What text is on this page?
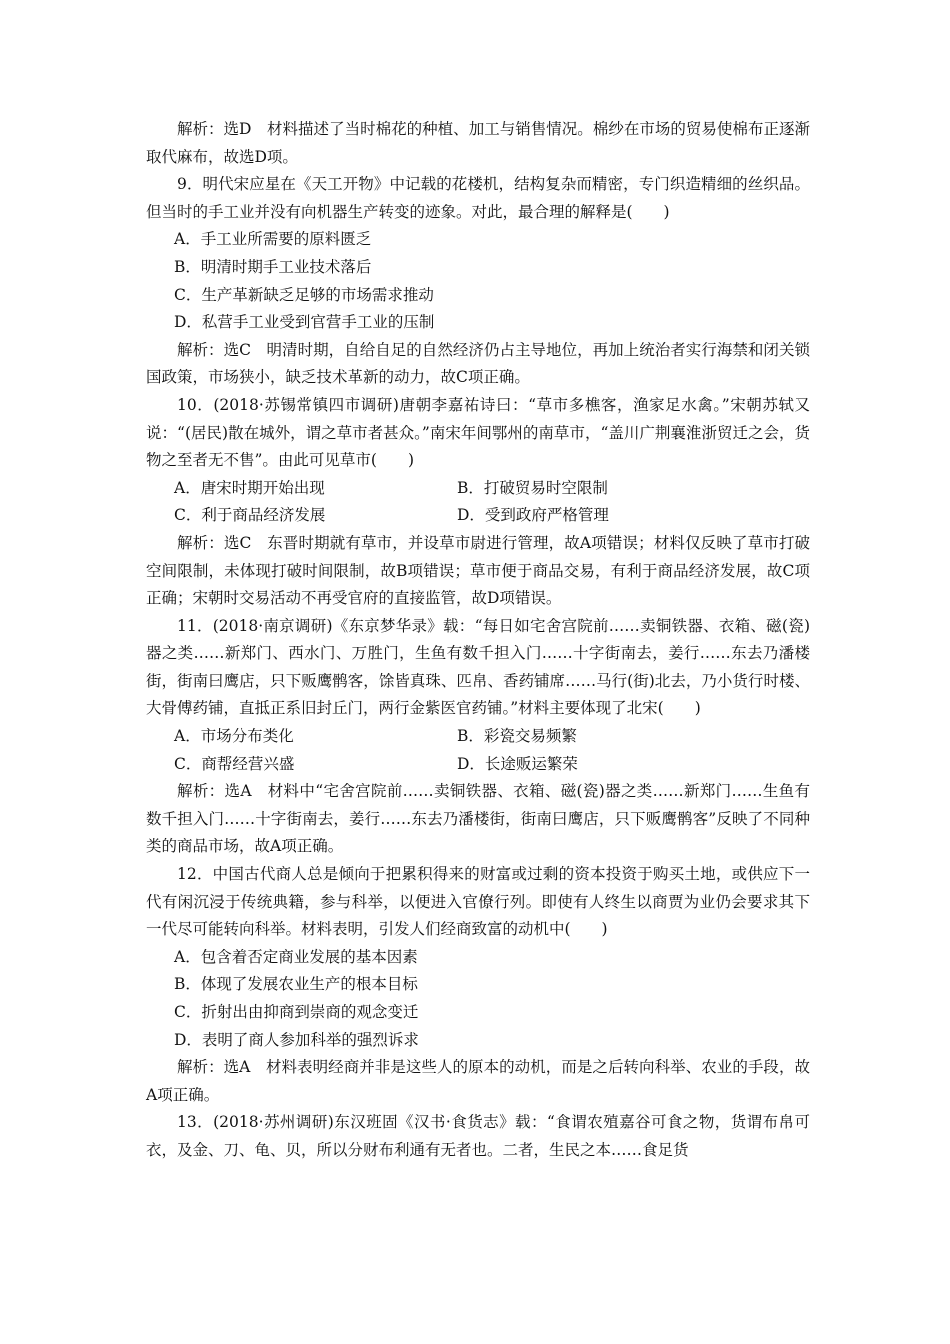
解析：选D　材料描述了当时棉花的种植、加工与销售情况。棉纱在市场的贸易使棉布正逐渐取代麻布，故选D项。

9．明代宋应星在《天工开物》中记载的花楼机，结构复杂而精密，专门织造精细的丝织品。但当时的手工业并没有向机器生产转变的迹象。对此，最合理的解释是(　　)

A．手工业所需要的原料匮乏

B．明清时期手工业技术落后

C．生产革新缺乏足够的市场需求推动

D．私营手工业受到官营手工业的压制

解析：选C　明清时期，自给自足的自然经济仍占主导地位，再加上统治者实行海禁和闭关锁国政策，市场狭小，缺乏技术革新的动力，故C项正确。

10．(2018·苏锡常镇四市调研)唐朝李嘉祐诗曰：“草市多樵客，渔家足水禽。”宋朝苏轼又说：“(居民)散在城外，谓之草市者甚众。”南宋年间鄂州的南草市，“盖川广荆襄淮浙贸迁之会，货物之至者无不售”。由此可见草市(　　)

A．唐宋时期开始出现	B．打破贸易时空限制
C．利于商品经济发展	D．受到政府严格管理

解析：选C　东晋时期就有草市，并设草市尉进行管理，故A项错误；材料仅反映了草市打破空间限制，未体现打破时间限制，故B项错误；草市便于商品交易，有利于商品经济发展，故C项正确；宋朝时交易活动不再受官府的直接监管，故D项错误。

11．(2018·南京调研)《东京梦华录》载：“每日如宅舍宫院前……卖铜铁器、衣箱、磁(瓷)器之类……新郑门、西水门、万胜门，生鱼有数千担入门……十字街南去，姜行……东去乃潘楼街，街南曰鹰店，只下贩鹰鹘客，馀皆真珠、匹帛、香药铺席……马行(街)北去，乃小货行时楼、大骨傅药铺，直抵正系旧封丘门，两行金紫医官药铺。”材料主要体现了北宋(　　)

A．市场分布类化	B．彩瓷交易频繁
C．商帮经营兴盛	D．长途贩运繁荣

解析：选A　材料中“宅舍宫院前……卖铜铁器、衣箱、磁(瓷)器之类……新郑门……生鱼有数千担入门……十字街南去，姜行……东去乃潘楼街，街南曰鹰店，只下贩鹰鹘客”反映了不同种类的商品市场，故A项正确。

12．中国古代商人总是倾向于把累积得来的财富或过剩的资本投资于购买土地，或供应下一代有闲沉浸于传统典籍，参与科举，以便进入官僚行列。即使有人终生以商贾为业仍会要求其下一代尽可能转向科举。材料表明，引发人们经商致富的动机中(　　)

A．包含着否定商业发展的基本因素

B．体现了发展农业生产的根本目标

C．折射出由抑商到崇商的观念变迁

D．表明了商人参加科举的强烈诉求

解析：选A　材料表明经商并非是这些人的原本的动机，而是之后转向科举、农业的手段，故A项正确。

13．(2018·苏州调研)东汉班固《汉书·食货志》载：“食谓农殖嘉谷可食之物，货谓布帛可衣，及金、刀、龟、贝，所以分财布利通有无者也。二者，生民之本……食足货
